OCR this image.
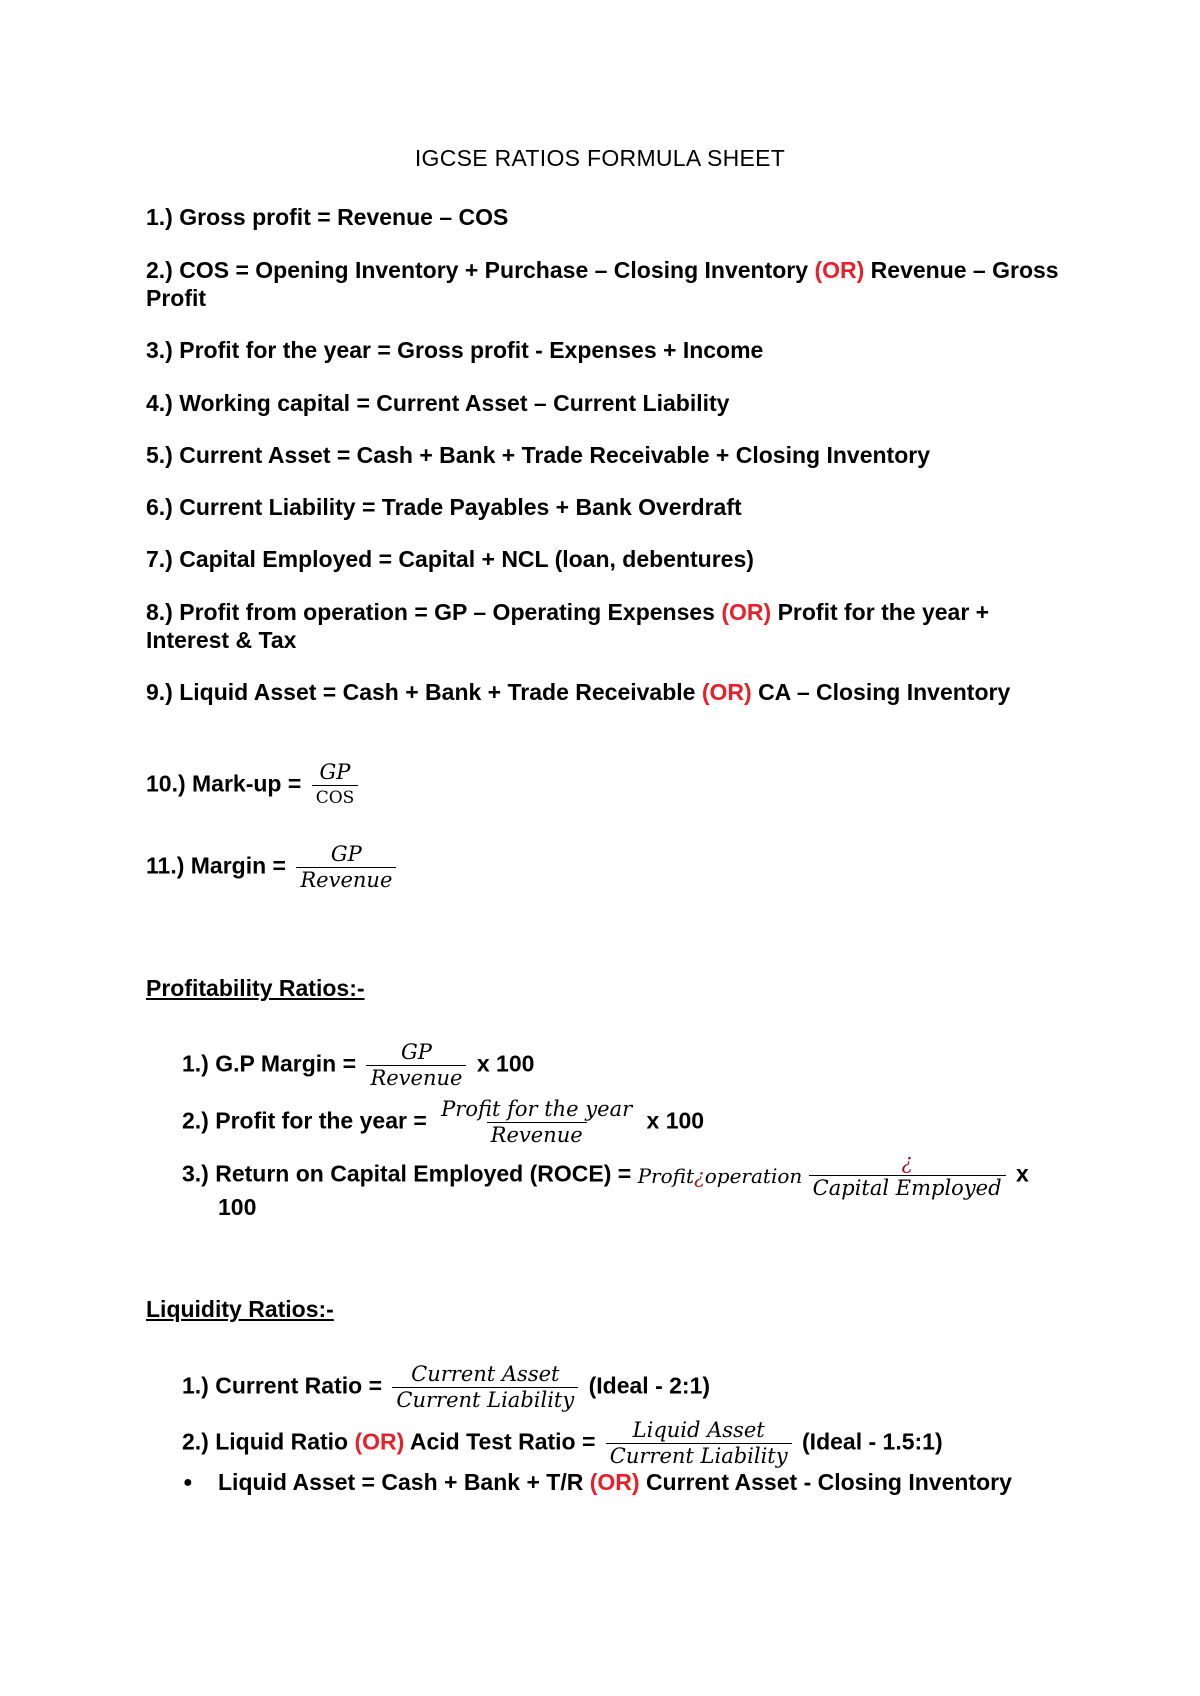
IGCSE RATIOS FORMULA SHEET
1.) Gross profit = Revenue – COS
2.) COS = Opening Inventory + Purchase – Closing Inventory (OR) Revenue – Gross Profit
3.) Profit for the year = Gross profit - Expenses + Income
4.) Working capital = Current Asset – Current Liability
5.) Current Asset = Cash + Bank + Trade Receivable + Closing Inventory
6.) Current Liability = Trade Payables + Bank Overdraft
7.) Capital Employed = Capital + NCL (loan, debentures)
8.) Profit from operation = GP – Operating Expenses (OR) Profit for the year + Interest & Tax
9.) Liquid Asset = Cash + Bank + Trade Receivable (OR) CA – Closing Inventory
10.) Mark-up = $\frac{GP}{\text{COS}}$
11.) Margin = $\frac{GP}{\text{Revenue}}$
Profitability Ratios:-
1.) G.P Margin = $\frac{GP}{\text{Revenue}}$ x 100
2.) Profit for the year = $\frac{\text{Profit for the year}}{\text{Revenue}}$ x 100
3.) Return on Capital Employed (ROCE) = Profit¿operation $\frac{¿}{\text{Capital Employed}}$ x
100
Liquidity Ratios:-
1.) Current Ratio = $\frac{\text{Current Asset}}{\text{Current Liability}}$ (Ideal - 2:1)
2.) Liquid Ratio (OR) Acid Test Ratio = $\frac{\text{Liquid Asset}}{\text{Current Liability}}$ (Ideal - 1.5:1)
● Liquid Asset = Cash + Bank + T/R (OR) Current Asset - Closing Inventory
